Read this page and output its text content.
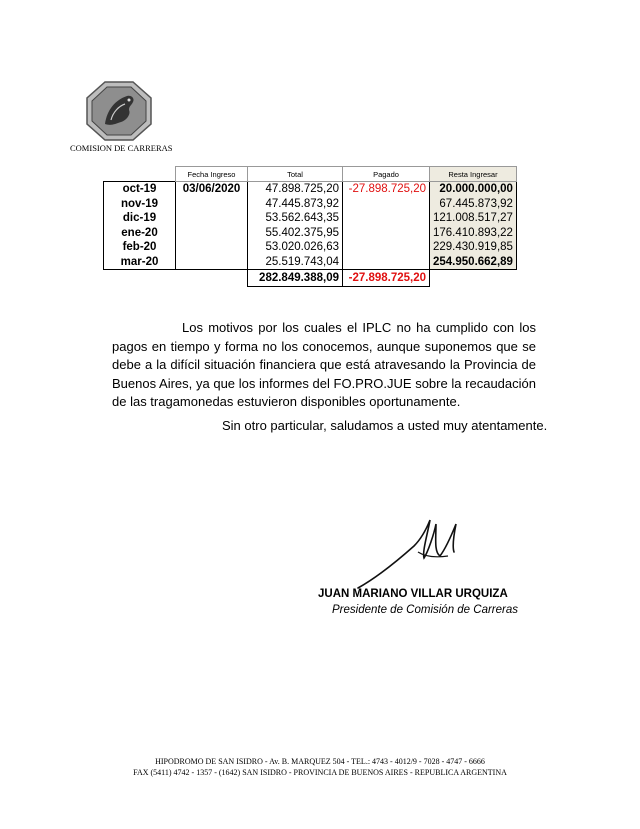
COMISION DE CARRERAS
	Fecha Ingreso	Total	Pagado	Resta Ingresar
oct-19	03/06/2020	47.898.725,20	-27.898.725,20	20.000.000,00
nov-19		47.445.873,92		67.445.873,92
dic-19		53.562.643,35		121.008.517,27
ene-20		55.402.375,95		176.410.893,22
feb-20		53.020.026,63		229.430.919,85
mar-20		25.519.743,04		254.950.662,89
		282.849.388,09	-27.898.725,20	
Los motivos por los cuales el IPLC no ha cumplido con los pagos en tiempo y forma no los conocemos, aunque suponemos que se debe a la difícil situación financiera que está atravesando la Provincia de Buenos Aires, ya que los informes del FO.PRO.JUE sobre la recaudación de las tragamonedas estuvieron disponibles oportunamente.
Sin otro particular, saludamos a usted muy atentamente.
JUAN MARIANO VILLAR URQUIZA
Presidente de Comisión de Carreras
HIPODROMO DE SAN ISIDRO - Av. B. MARQUEZ 504 - TEL.: 4743 - 4012/9 - 7028 - 4747 - 6666
FAX (5411) 4742 - 1357 - (1642) SAN ISIDRO - PROVINCIA DE BUENOS AIRES - REPUBLICA ARGENTINA
